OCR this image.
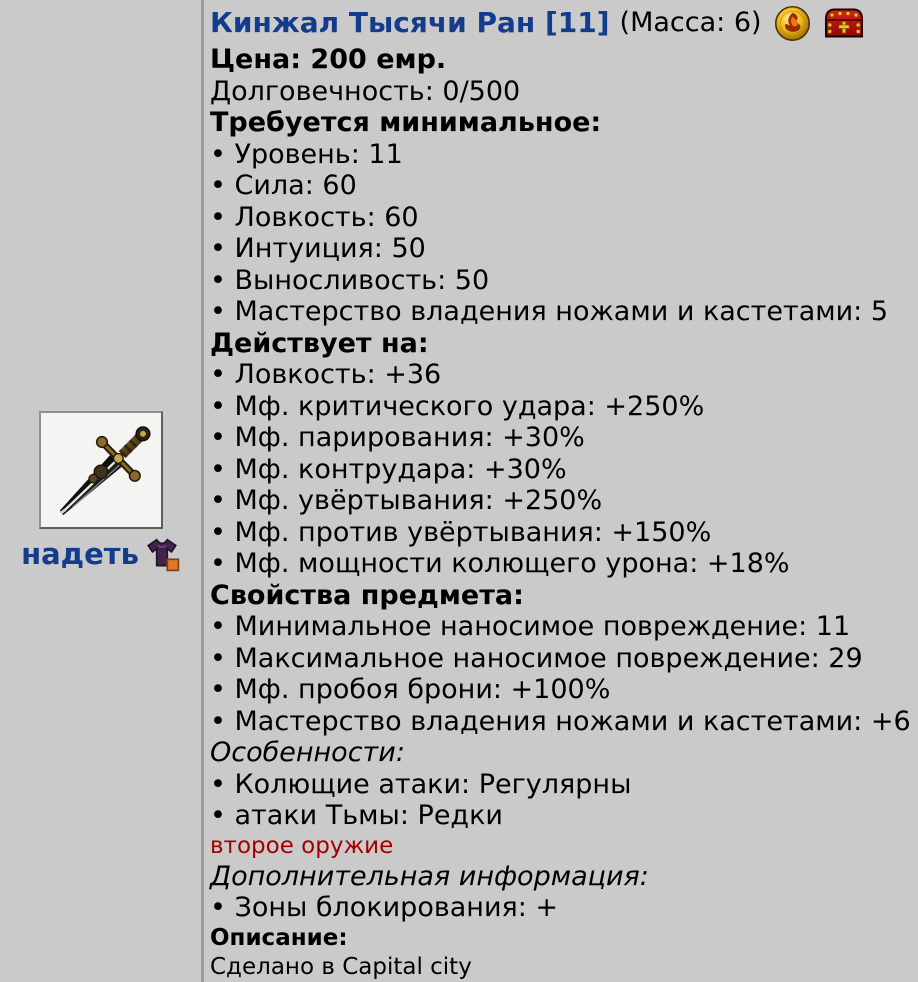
надеть
Кинжал Тысячи Ран [11] (Масса: 6)
Цена: 200 емр.
Долговечность: 0/500
Требуется минимальное:
• Уровень: 11
• Сила: 60
• Ловкость: 60
• Интуиция: 50
• Выносливость: 50
• Мастерство владения ножами и кастетами: 5
Действует на:
• Ловкость: +36
• Мф. критического удара: +250%
• Мф. парирования: +30%
• Мф. контрудара: +30%
• Мф. увёртывания: +250%
• Мф. против увёртывания: +150%
• Мф. мощности колющего урона: +18%
Свойства предмета:
• Минимальное наносимое повреждение: 11
• Максимальное наносимое повреждение: 29
• Мф. пробоя брони: +100%
• Мастерство владения ножами и кастетами: +6
Особенности:
• Колющие атаки: Регулярны
• атаки Тьмы: Редки
второе оружие
Дополнительная информация:
• Зоны блокирования: +
Описание:
Сделано в Capital city
